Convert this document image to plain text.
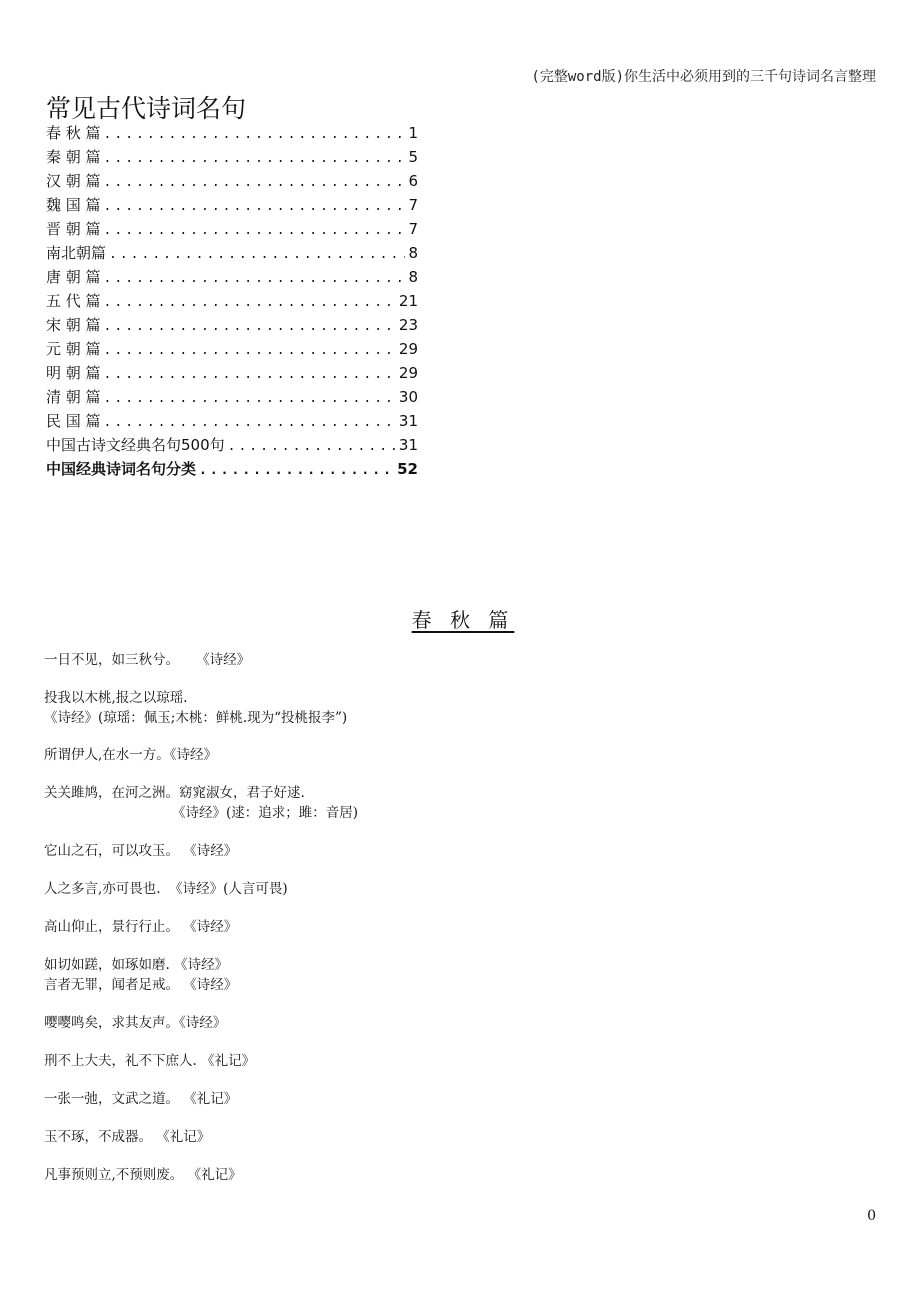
(完整word版)你生活中必须用到的三千句诗词名言整理
常见古代诗词名句
春 秋 篇 .....	1
秦 朝 篇 .....	5
汉 朝 篇 .....	6
魏 国 篇 .....	7
晋 朝 篇 .....	7
南北朝篇 .....	8
唐 朝 篇 .....	8
五 代 篇 .....	21
宋 朝 篇 .....	23
元 朝 篇 .....	29
明 朝 篇 .....	29
清 朝 篇 .....	30
民 国 篇 .....	31
中国古诗文经典名句500句 .....	31
中国经典诗词名句分类 .....	52
春 秋 篇
一日不见，如三秋兮。    《诗经》
投我以木桃,报之以琼瑶.
《诗经》(琼瑶：佩玉;木桃：鲜桃.现为“投桃报李”)
所谓伊人,在水一方。《诗经》
关关雎鸠，在河之洲。窈窕淑女，君子好逑.
《诗经》(逑：追求；雎：音居)
它山之石，可以攻玉。 《诗经》
人之多言,亦可畏也.  《诗经》(人言可畏)
高山仰止，景行行止。 《诗经》
如切如蹉，如琢如磨. 《诗经》
言者无罪，闻者足戒。 《诗经》
嘤嘤鸣矣，求其友声。《诗经》
刑不上大夫，礼不下庶人. 《礼记》
一张一弛，文武之道。 《礼记》
玉不琢，不成器。 《礼记》
凡事预则立,不预则废。 《礼记》
0
